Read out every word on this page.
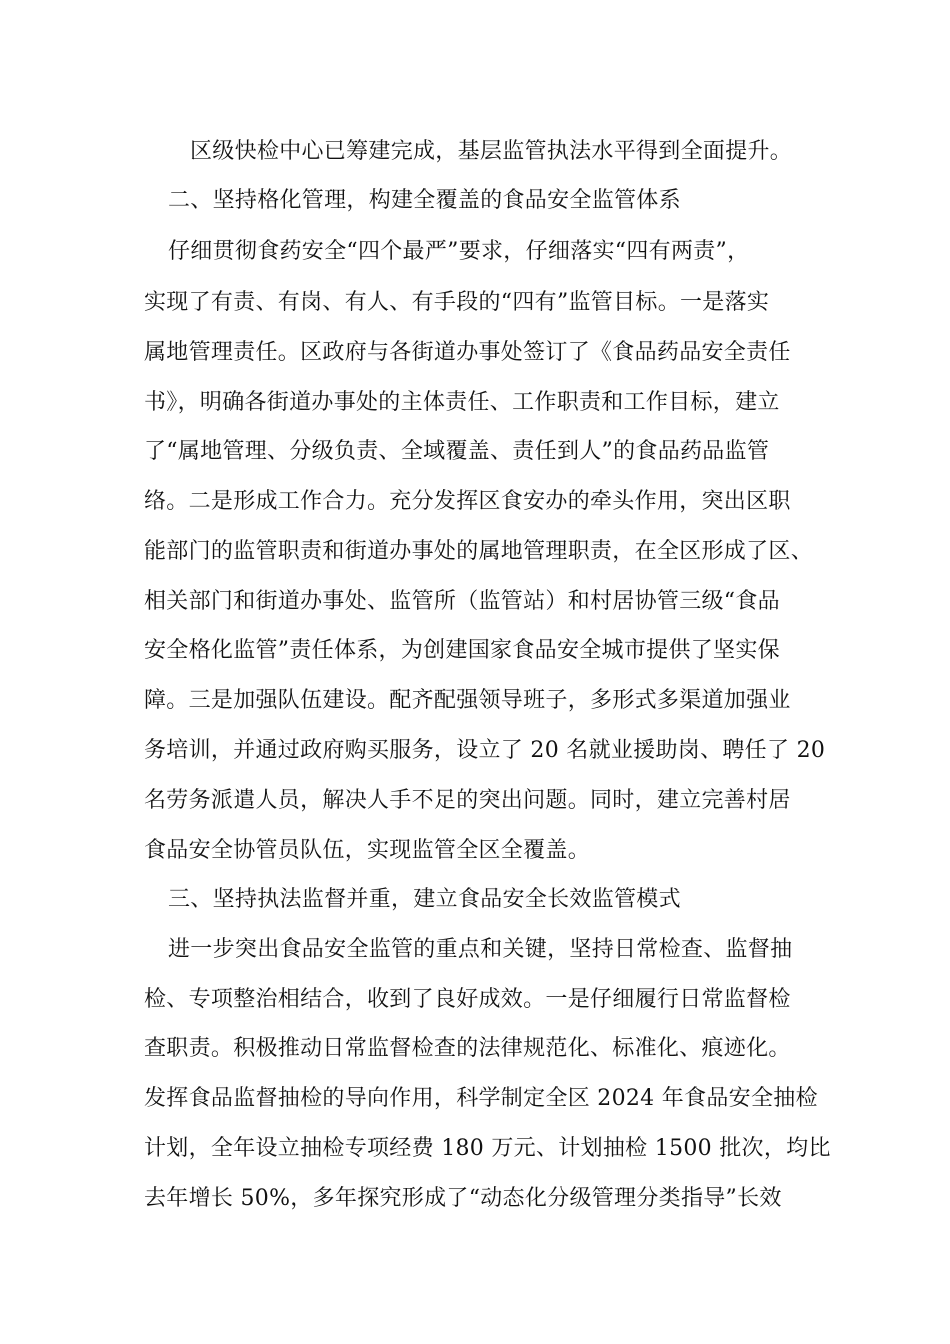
区级快检中心已筹建完成，基层监管执法水平得到全面提升。
二、坚持格化管理，构建全覆盖的食品安全监管体系
仔细贯彻食药安全“四个最严”要求，仔细落实“四有两责”，
实现了有责、有岗、有人、有手段的“四有”监管目标。一是落实
属地管理责任。区政府与各街道办事处签订了《食品药品安全责任
书》，明确各街道办事处的主体责任、工作职责和工作目标，建立
了“属地管理、分级负责、全域覆盖、责任到人”的食品药品监管
络。二是形成工作合力。充分发挥区食安办的牵头作用，突出区职
能部门的监管职责和街道办事处的属地管理职责，在全区形成了区、
相关部门和街道办事处、监管所（监管站）和村居协管三级“食品
安全格化监管”责任体系，为创建国家食品安全城市提供了坚实保
障。三是加强队伍建设。配齐配强领导班子，多形式多渠道加强业
务培训，并通过政府购买服务，设立了 20 名就业援助岗、聘任了 20
名劳务派遣人员，解决人手不足的突出问题。同时，建立完善村居
食品安全协管员队伍，实现监管全区全覆盖。
三、坚持执法监督并重，建立食品安全长效监管模式
进一步突出食品安全监管的重点和关键，坚持日常检查、监督抽
检、专项整治相结合，收到了良好成效。一是仔细履行日常监督检
查职责。积极推动日常监督检查的法律规范化、标准化、痕迹化。
发挥食品监督抽检的导向作用，科学制定全区 2024 年食品安全抽检
计划，全年设立抽检专项经费 180 万元、计划抽检 1500 批次，均比
去年增长 50%，多年探究形成了“动态化分级管理分类指导”长效
